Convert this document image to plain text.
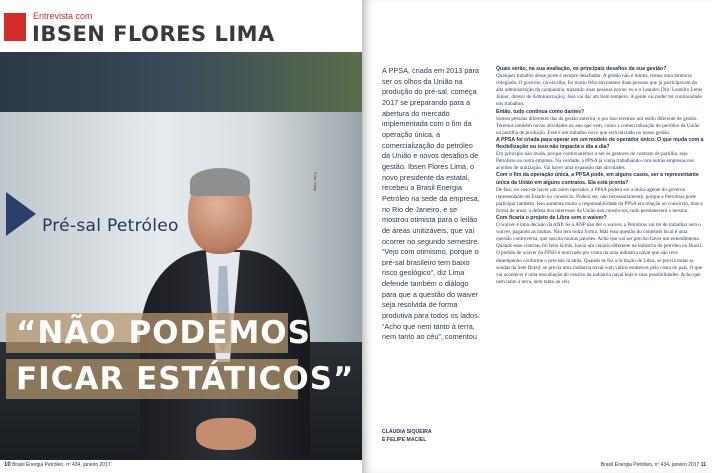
Entrevista com
IBSEN FLORES LIMA
Pré-sal Petróleo
Foto: Kelly
“NÃO PODEMOS
FICAR ESTÁTICOS”
10 Brasil Energia Petróleo, nº 434, janeiro 2017	Brasil Energia Petróleo, nº 434, janeiro 2017 11
A PPSA, criada em 2013 para ser os olhos da União na produção do pré-sal, começa 2017 se preparando para a abertura do mercado implementada com o fim da operação única, a comercialização do petróleo da União e novos desafios de gestão. Ibsen Flores Lima, o novo presidente da estatal, recebeu a Brasil Energia Petróleo na sede da empresa, no Rio de Janeiro, e se mostrou otimista para o leilão de áreas unitizáveis, que vai ocorrer no segundo semestre. “Vejo com otimismo, porque o pré-sal brasileiro tem baixo risco geológico”, diz Lima defende também o diálogo para que a questão do waiver seja resolvida de forma produtiva para todos os lados. “Acho que nem tanto à terra, nem tanto ao céu”, comentou
CLÁUDIA SIQUEIRA
E FELIPE MACIEL
Quais serão, na sua avaliação, os principais desafios da sua gestão?

Qualquer trabalho desse porte é sempre desafiador. A gestão não é minha, temos uma diretoria colegiada. O governo, na escolha, foi muito feliz em manter duas pessoas que já participavam da alta administração da companhia, trazendo duas pessoas novas: eu e o Leandro [Nit: Leandro Leme Júnior, diretor de Administração]. Isso vai dar um bom tempero. A gente vai poder ter continuidade nos trabalhos.

Então, tudo continua como dantes?

Somos pessoas diferentes das da gestão anterior, e por isso teremos um estilo diferente de gestão. Teremos também novas atividades no ano que vem, como a comercialização do petróleo da União na partilha de produção. Esse é um trabalho novo que será iniciado no nosso gestão.

A PPSA foi criada para operar em um modelo de operador único. O que muda com a flexibilização ou isso não impacta o dia a dia?

Em princípio não muda, porque continuaremos a ser os gestores do contrato de partilha, seja Petrobras ou outra empresa. Na verdade, a PPSA já vinha trabalhando com outras empresas nos acordos de unitização. Vai haver uma expansão das atividades.

Com o fim da operação única, a PPSA pode, em alguns casos, ser a representante única da União em alguns contratos. Ela está pronta?

De fato, no caso de haver um outro operador, a PPSA poderá ser a única agente do governo representante do Estado no consórcio. Poderá ser, não necessariamente, porque a Petrobras pode participar também. Isso aumenta muito a responsabilidade da PPSA em relação ao consórcio, mas a forma de atuar, a defesa dos interesses da União nos consórcios, tudo permanecerá o mesmo.

Com ficaria o projeto de Libra sem o waiver?

O waiver é uma decisão da ANP. Se a ANP não der o waiver, a Petrobras vai ter de trabalhar sem o waiver, pagando as multas. Não tem outra forma. Mas essa questão do conteúdo local é uma questão controversa, que suscita muitas paixões. Acho que vai ser preciso haver um entendimento. Quando esse contrato foi feito lá trás, havia um cenário diferente na indústria do petróleo no Brasil. O pedido de waiver da FPSO é motivado por conta da uma indústria naval que não teve desempenho conforme o previsto lá atrás. Quando se fez a licitação de Libra, se previa todas as sondas da Sete Brasil, se previa uma indústria naval com vários estaleiros pelo costa do país. O que vai acontecer é uma reavaliação do cenário da indústria naval hoje e suas possibilidades. Acho que nem tanto à terra, nem tanto ao céu.
